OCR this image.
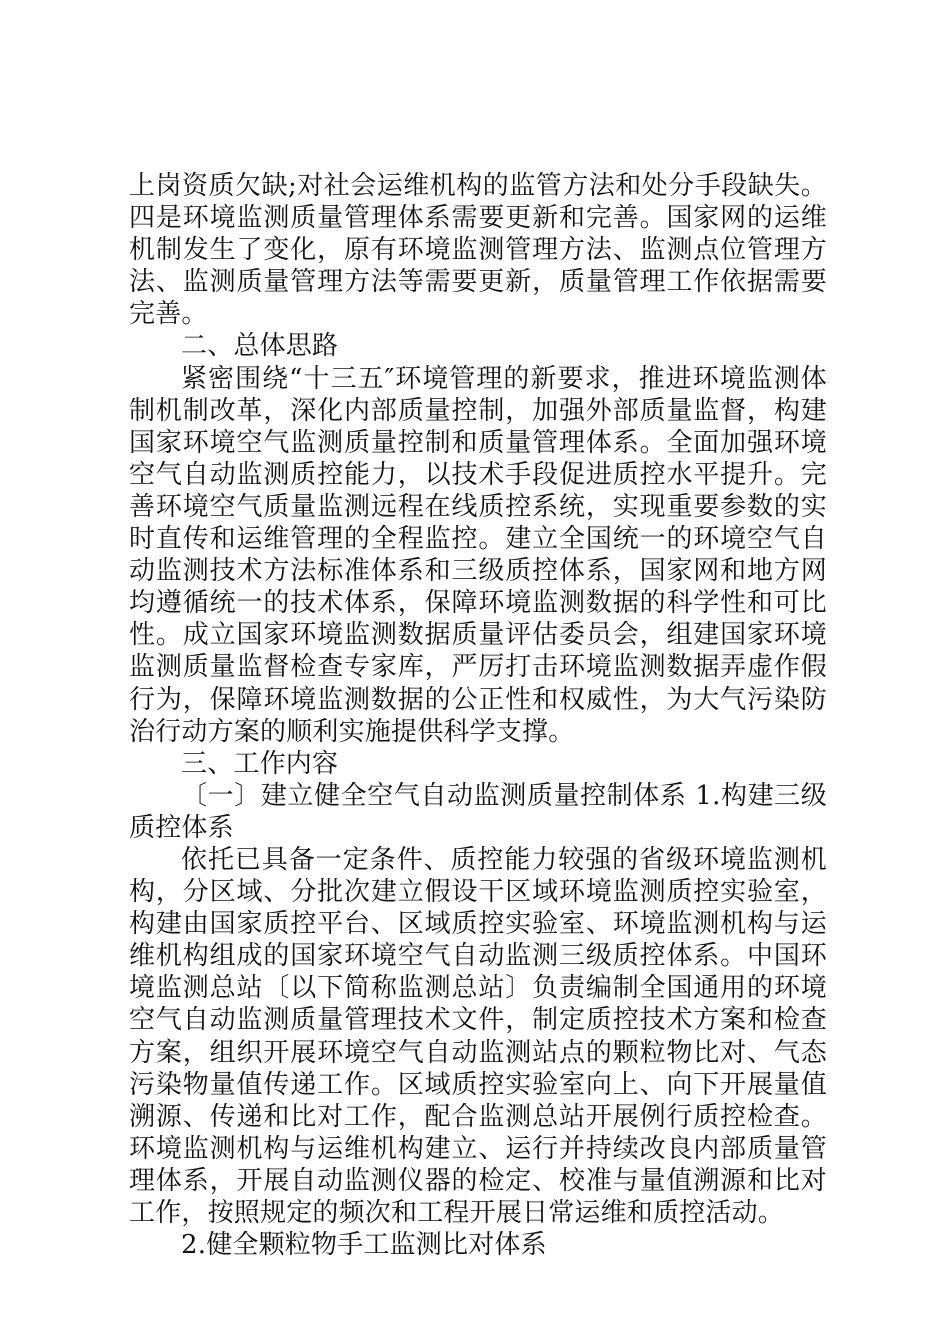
上岗资质欠缺;对社会运维机构的监管方法和处分手段缺失。四是环境监测质量管理体系需要更新和完善。国家网的运维机制发生了变化，原有环境监测管理方法、监测点位管理方法、监测质量管理方法等需要更新，质量管理工作依据需要完善。

二、总体思路

紧密围绕“十三五″环境管理的新要求，推进环境监测体制机制改革，深化内部质量控制，加强外部质量监督，构建国家环境空气监测质量控制和质量管理体系。全面加强环境空气自动监测质控能力，以技术手段促进质控水平提升。完善环境空气质量监测远程在线质控系统，实现重要参数的实时直传和运维管理的全程监控。建立全国统一的环境空气自动监测技术方法标准体系和三级质控体系，国家网和地方网均遵循统一的技术体系，保障环境监测数据的科学性和可比性。成立国家环境监测数据质量评估委员会，组建国家环境监测质量监督检查专家库，严厉打击环境监测数据弄虚作假行为，保障环境监测数据的公正性和权威性，为大气污染防治行动方案的顺利实施提供科学支撑。

三、工作内容

〔一〕建立健全空气自动监测质量控制体系 1.构建三级质控体系

依托已具备一定条件、质控能力较强的省级环境监测机构，分区域、分批次建立假设干区域环境监测质控实验室，构建由国家质控平台、区域质控实验室、环境监测机构与运维机构组成的国家环境空气自动监测三级质控体系。中国环境监测总站〔以下简称监测总站〕负责编制全国通用的环境空气自动监测质量管理技术文件，制定质控技术方案和检查方案，组织开展环境空气自动监测站点的颗粒物比对、气态污染物量值传递工作。区域质控实验室向上、向下开展量值溯源、传递和比对工作，配合监测总站开展例行质控检查。环境监测机构与运维机构建立、运行并持续改良内部质量管理体系，开展自动监测仪器的检定、校准与量值溯源和比对工作，按照规定的频次和工程开展日常运维和质控活动。

2.健全颗粒物手工监测比对体系
